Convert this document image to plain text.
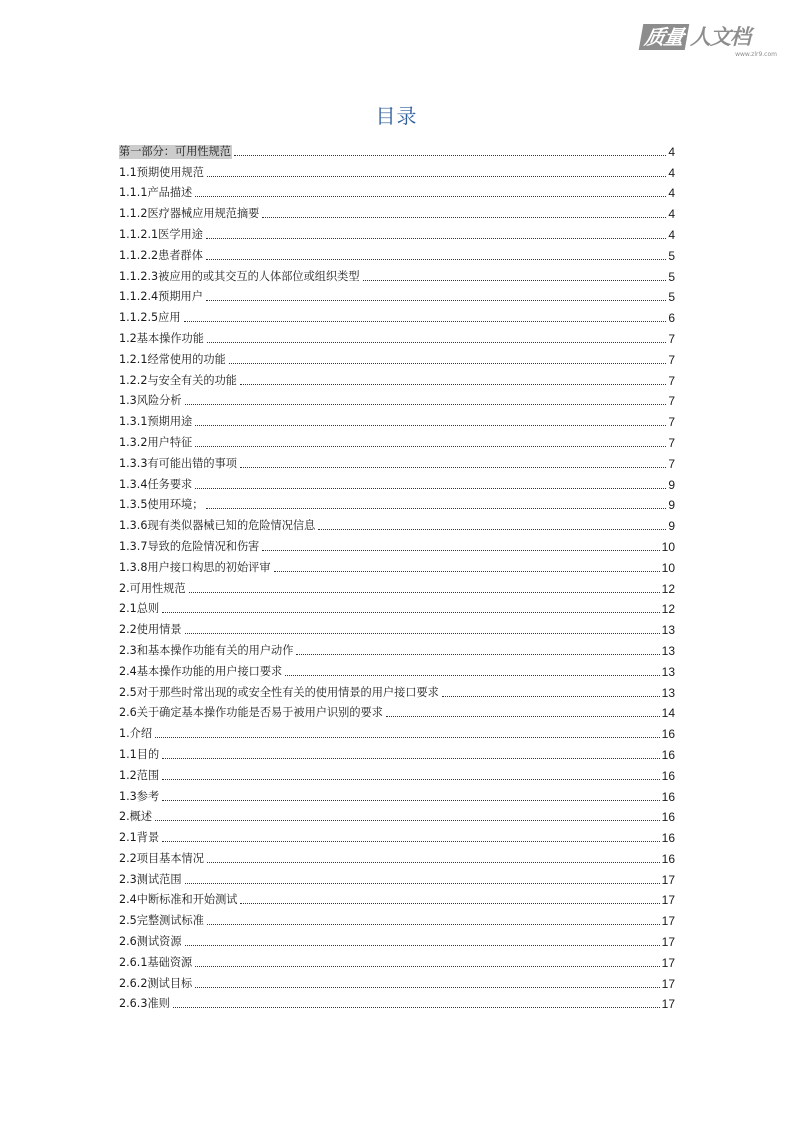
质量 人文档
www.zlr9.com
目录
第一部分：可用性规范	4
1.1预期使用规范	4
1.1.1产品描述	4
1.1.2医疗器械应用规范摘要	4
1.1.2.1医学用途	4
1.1.2.2患者群体	5
1.1.2.3被应用的或其交互的人体部位或组织类型	5
1.1.2.4预期用户	5
1.1.2.5应用	6
1.2基本操作功能	7
1.2.1经常使用的功能	7
1.2.2与安全有关的功能	7
1.3风险分析	7
1.3.1预期用途	7
1.3.2用户特征	7
1.3.3有可能出错的事项	7
1.3.4任务要求	9
1.3.5使用环境；	9
1.3.6现有类似器械已知的危险情况信息	9
1.3.7导致的危险情况和伤害	10
1.3.8用户接口构思的初始评审	10
2.可用性规范	12
2.1总则	12
2.2使用情景	13
2.3和基本操作功能有关的用户动作	13
2.4基本操作功能的用户接口要求	13
2.5对于那些时常出现的或安全性有关的使用情景的用户接口要求	13
2.6关于确定基本操作功能是否易于被用户识别的要求	14
1.介绍	16
1.1目的	16
1.2范围	16
1.3参考	16
2.概述	16
2.1背景	16
2.2项目基本情况	16
2.3测试范围	17
2.4中断标准和开始测试	17
2.5完整测试标准	17
2.6测试资源	17
2.6.1基础资源	17
2.6.2测试目标	17
2.6.3准则	17
